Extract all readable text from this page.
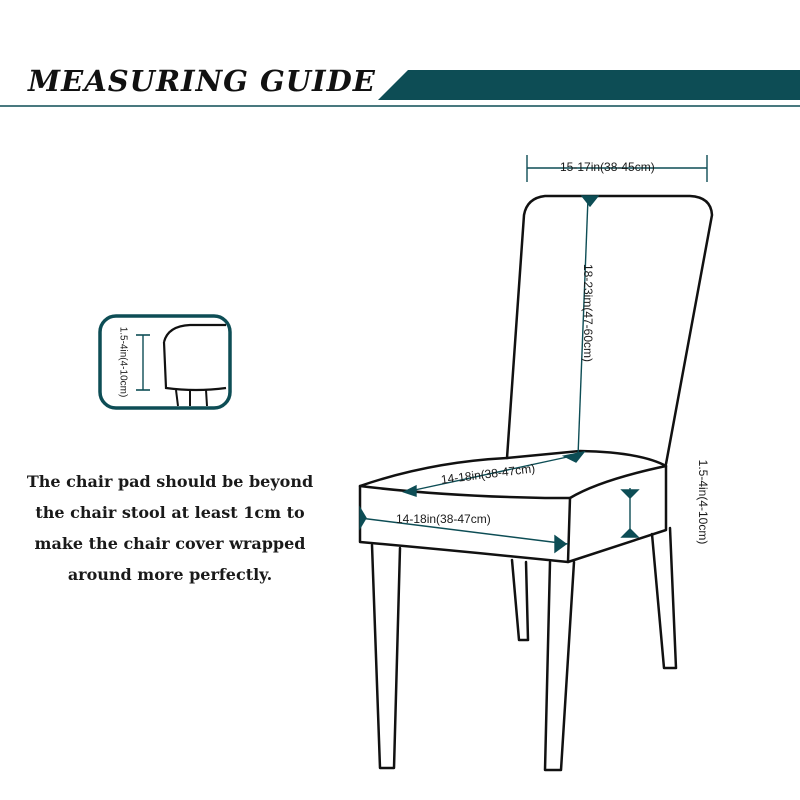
MEASURING GUIDE
15-17in(38-45cm)
18-23im(47-60cm)
1.5-4in(4-10cm)
14-18in(38-47cm)
14-18in(38-47cm)
1.5-4in(4-10cm)

The chair pad should be beyond the chair stool at least 1cm to make the chair cover wrapped around more perfectly.
